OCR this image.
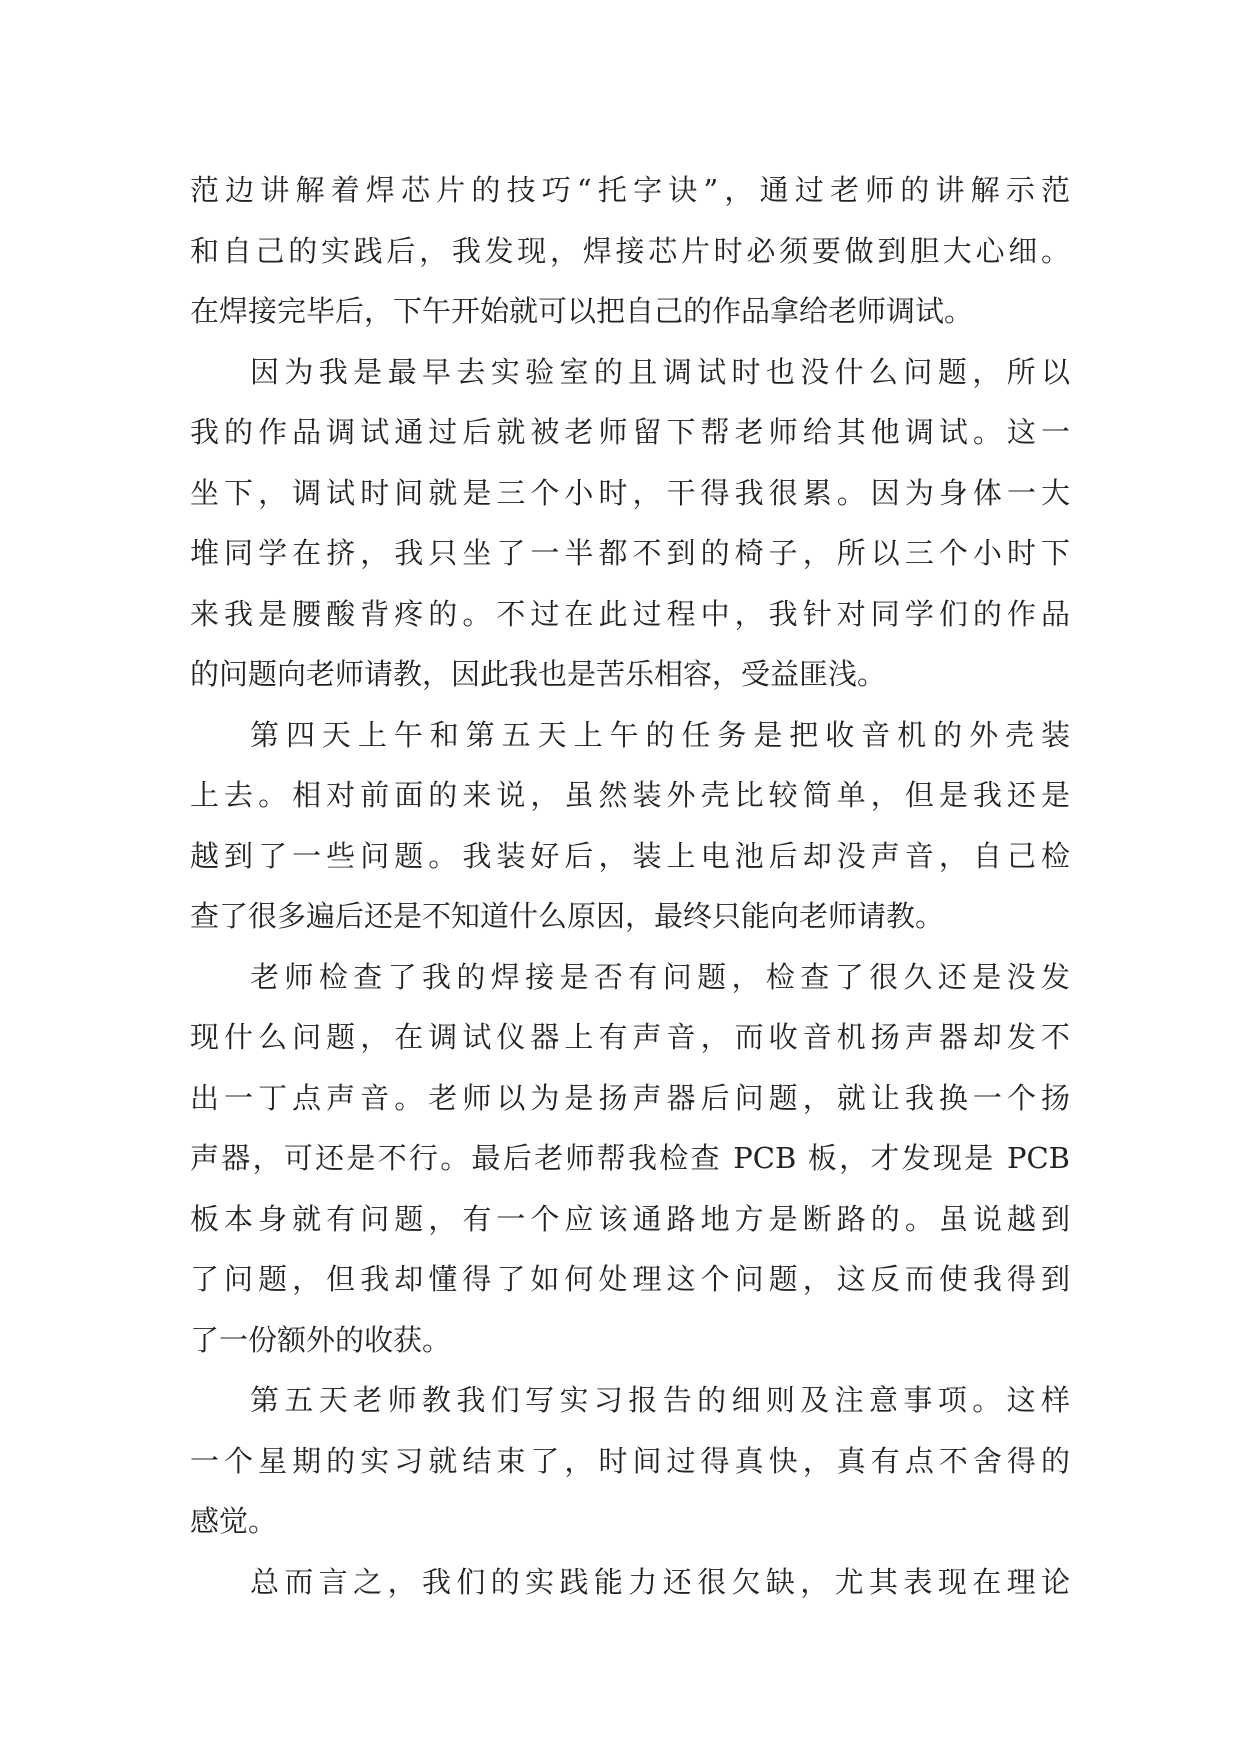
范边讲解着焊芯片的技巧“托字诀”，通过老师的讲解示范
和自己的实践后，我发现，焊接芯片时必须要做到胆大心细。
在焊接完毕后，下午开始就可以把自己的作品拿给老师调试。
因为我是最早去实验室的且调试时也没什么问题，所以
我的作品调试通过后就被老师留下帮老师给其他调试。这一
坐下，调试时间就是三个小时，干得我很累。因为身体一大
堆同学在挤，我只坐了一半都不到的椅子，所以三个小时下
来我是腰酸背疼的。不过在此过程中，我针对同学们的作品
的问题向老师请教，因此我也是苦乐相容，受益匪浅。
第四天上午和第五天上午的任务是把收音机的外壳装
上去。相对前面的来说，虽然装外壳比较简单，但是我还是
越到了一些问题。我装好后，装上电池后却没声音，自己检
查了很多遍后还是不知道什么原因，最终只能向老师请教。
老师检查了我的焊接是否有问题，检查了很久还是没发
现什么问题，在调试仪器上有声音，而收音机扬声器却发不
出一丁点声音。老师以为是扬声器后问题，就让我换一个扬
声器，可还是不行。最后老师帮我检查 PCB 板，才发现是 PCB
板本身就有问题，有一个应该通路地方是断路的。虽说越到
了问题，但我却懂得了如何处理这个问题，这反而使我得到
了一份额外的收获。
第五天老师教我们写实习报告的细则及注意事项。这样
一个星期的实习就结束了，时间过得真快，真有点不舍得的
感觉。
总而言之，我们的实践能力还很欠缺，尤其表现在理论
